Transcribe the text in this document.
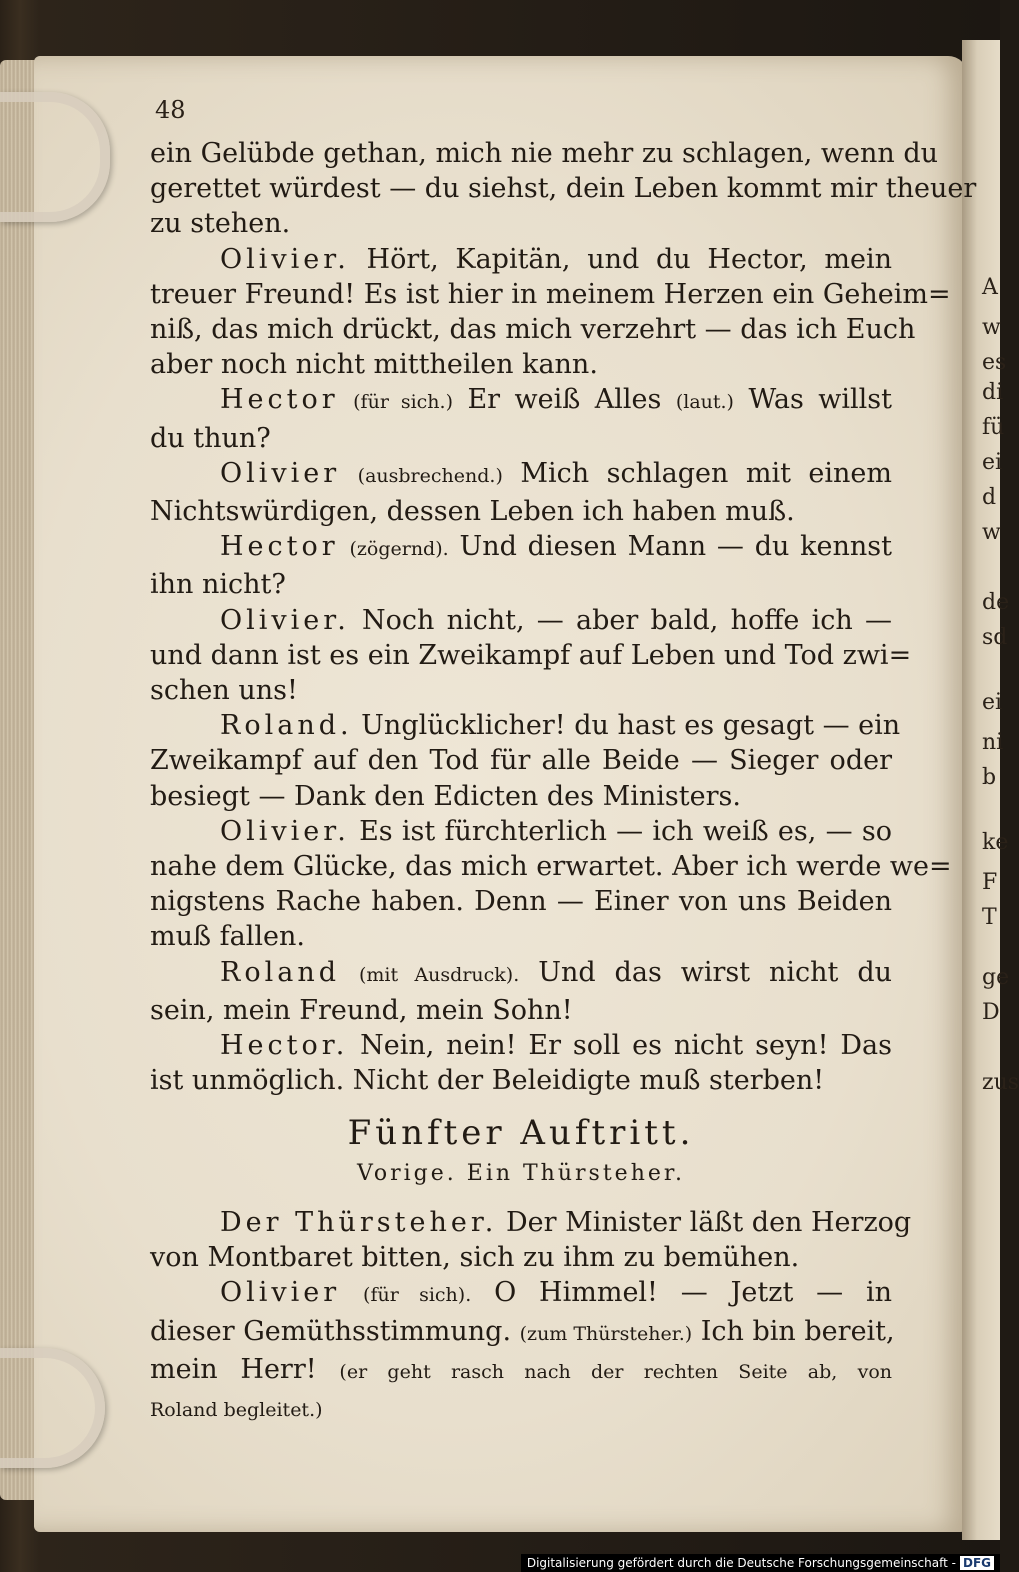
A
w
es
di
fü
ei
d
w
de
sd
ei
ni
b
ke
F
T
ge
D
zus
48
ein Gelübde gethan, mich nie mehr zu schlagen, wenn du
gerettet würdest — du siehst, dein Leben kommt mir theuer
zu stehen.
Olivier. Hört, Kapitän, und du Hector, mein
treuer Freund! Es ist hier in meinem Herzen ein Geheim=
niß, das mich drückt, das mich verzehrt — das ich Euch
aber noch nicht mittheilen kann.
Hector (für sich.) Er weiß Alles (laut.) Was willst
du thun?
Olivier (ausbrechend.) Mich schlagen mit einem
Nichtswürdigen, dessen Leben ich haben muß.
Hector (zögernd). Und diesen Mann — du kennst
ihn nicht?
Olivier. Noch nicht, — aber bald, hoffe ich —
und dann ist es ein Zweikampf auf Leben und Tod zwi=
schen uns!
Roland. Unglücklicher! du hast es gesagt — ein
Zweikampf auf den Tod für alle Beide — Sieger oder
besiegt — Dank den Edicten des Ministers.
Olivier. Es ist fürchterlich — ich weiß es, — so
nahe dem Glücke, das mich erwartet. Aber ich werde we=
nigstens Rache haben. Denn — Einer von uns Beiden
muß fallen.
Roland (mit Ausdruck). Und das wirst nicht du
sein, mein Freund, mein Sohn!
Hector. Nein, nein! Er soll es nicht seyn! Das
ist unmöglich. Nicht der Beleidigte muß sterben!
Fünfter Auftritt.
Vorige. Ein Thürsteher.
Der Thürsteher. Der Minister läßt den Herzog
von Montbaret bitten, sich zu ihm zu bemühen.
Olivier (für sich). O Himmel! — Jetzt — in
dieser Gemüthsstimmung. (zum Thürsteher.) Ich bin bereit,
mein Herr! (er geht rasch nach der rechten Seite ab, von
Roland begleitet.)
Digitalisierung gefördert durch die Deutsche Forschungsgemeinschaft - DFG
